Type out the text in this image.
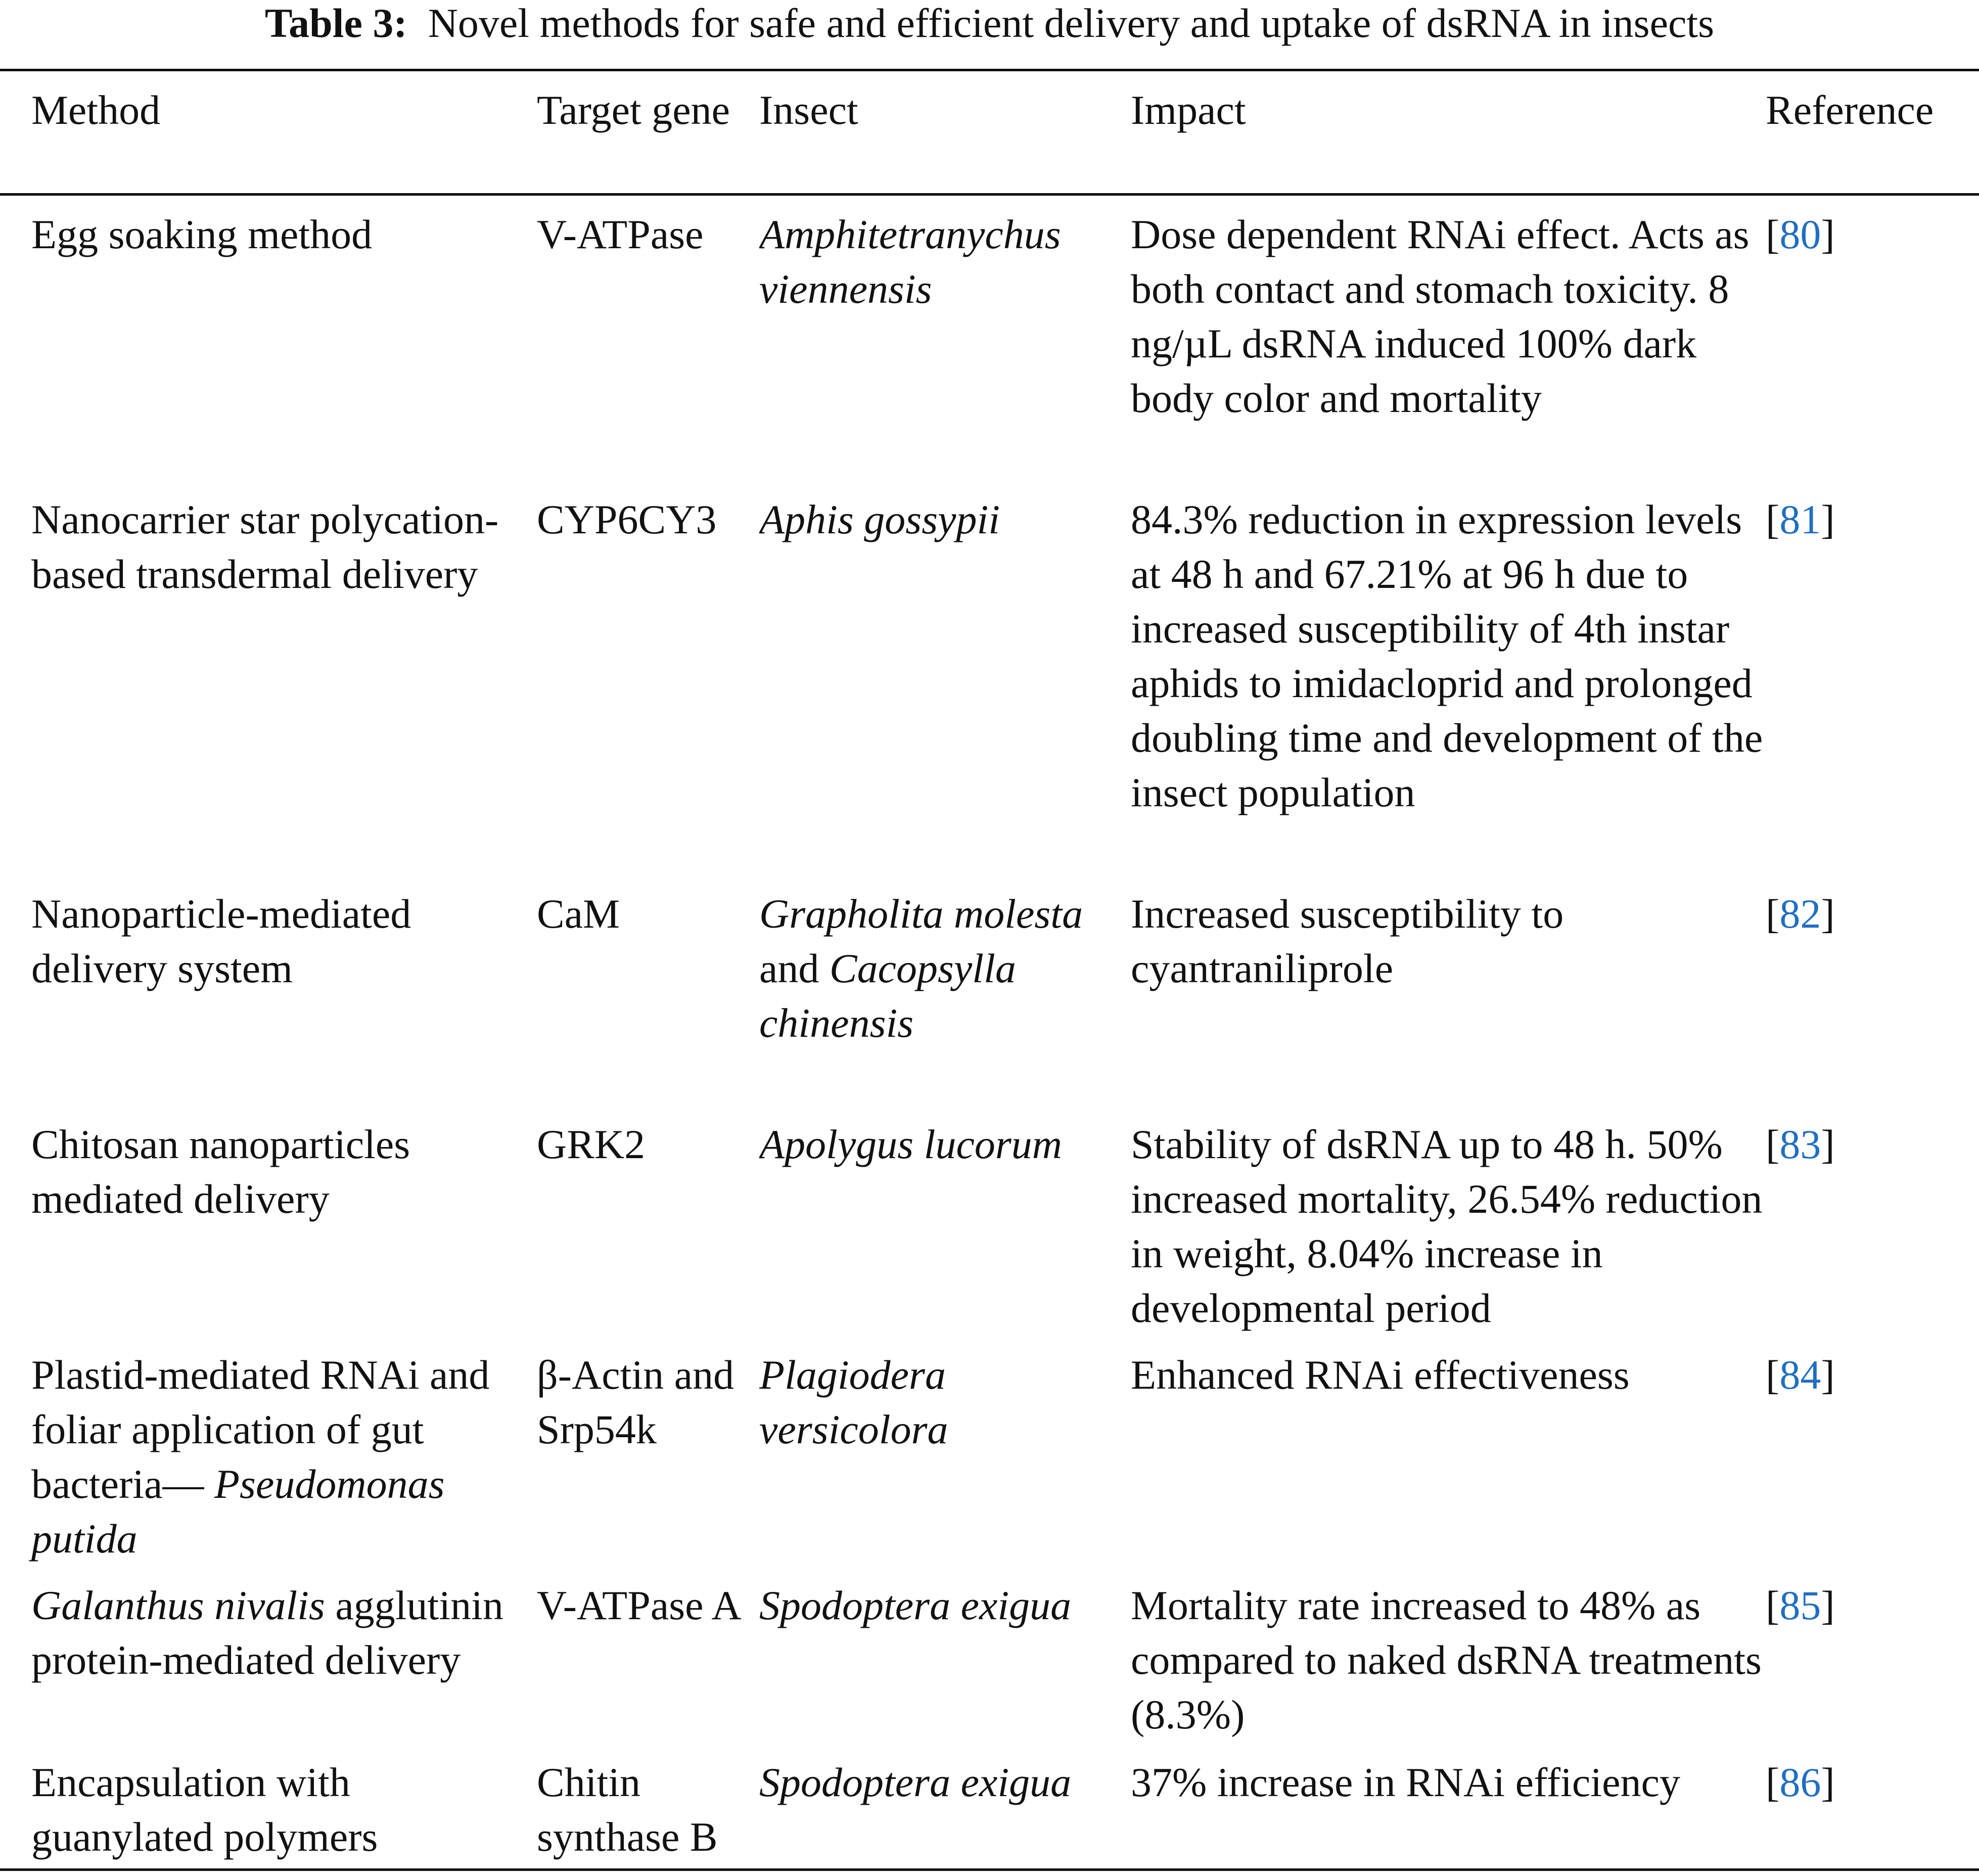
Table 3: Novel methods for safe and efficient delivery and uptake of dsRNA in insects
Method	Target gene	Insect	Impact	Reference
Egg soaking method	V-ATPase	Amphitetranychus viennensis	Dose dependent RNAi effect. Acts as both contact and stomach toxicity. 8 ng/µL dsRNA induced 100% dark body color and mortality	[80]
Nanocarrier star polycation-based transdermal delivery	CYP6CY3	Aphis gossypii	84.3% reduction in expression levels at 48 h and 67.21% at 96 h due to increased susceptibility of 4th instar aphids to imidacloprid and prolonged doubling time and development of the insect population	[81]
Nanoparticle-mediated delivery system	CaM	Grapholita molesta and Cacopsylla chinensis	Increased susceptibility to cyantraniliprole	[82]
Chitosan nanoparticles mediated delivery	GRK2	Apolygus lucorum	Stability of dsRNA up to 48 h. 50% increased mortality, 26.54% reduction in weight, 8.04% increase in developmental period	[83]
Plastid-mediated RNAi and foliar application of gut bacteria— Pseudomonas putida	β-Actin and Srp54k	Plagiodera versicolora	Enhanced RNAi effectiveness	[84]
Galanthus nivalis agglutinin protein-mediated delivery	V-ATPase A	Spodoptera exigua	Mortality rate increased to 48% as compared to naked dsRNA treatments (8.3%)	[85]
Encapsulation with guanylated polymers	Chitin synthase B	Spodoptera exigua	37% increase in RNAi efficiency	[86]
